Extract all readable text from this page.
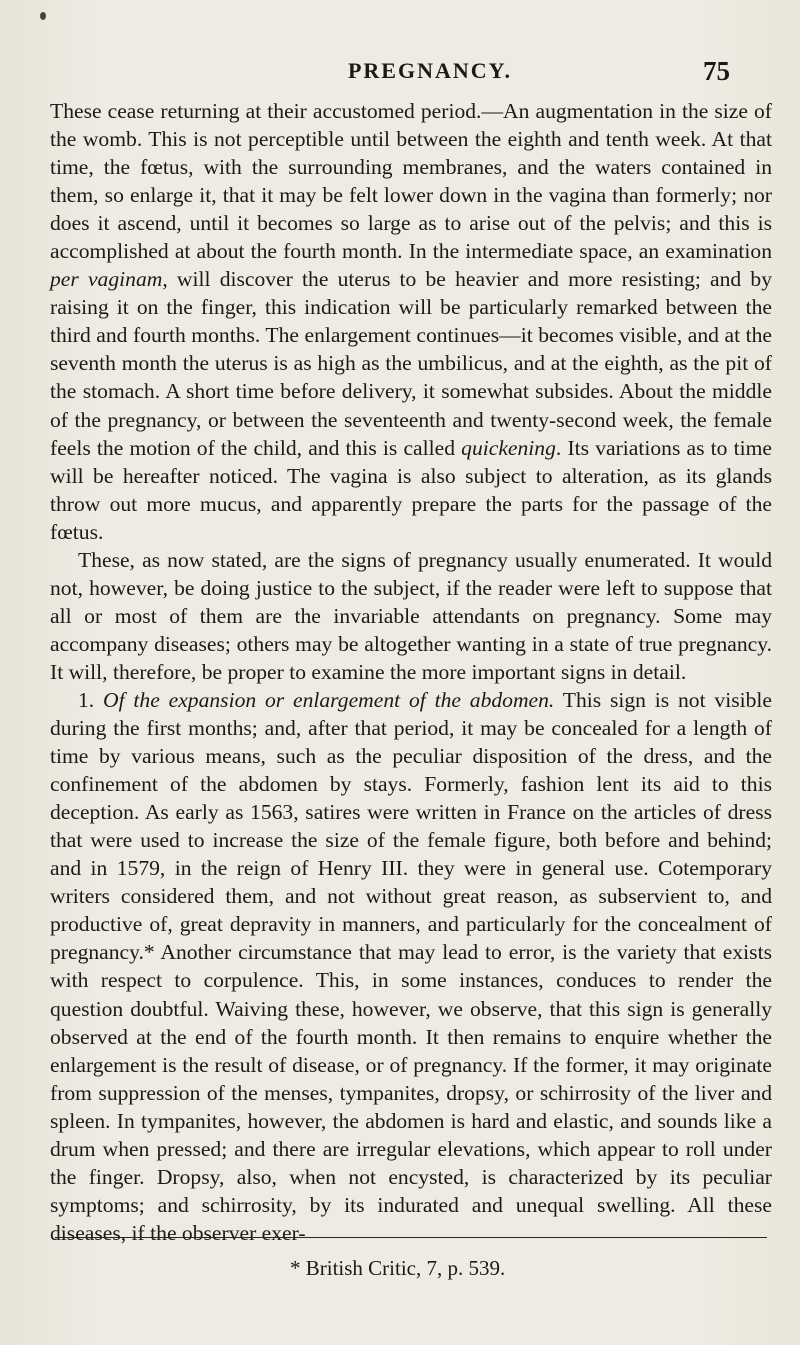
PREGNANCY.	75

These cease returning at their accustomed period.—An augmentation in the size of the womb. This is not perceptible until between the eighth and tenth week. At that time, the fœtus, with the surrounding membranes, and the waters contained in them, so enlarge it, that it may be felt lower down in the vagina than formerly; nor does it ascend, until it becomes so large as to arise out of the pelvis; and this is accomplished at about the fourth month. In the intermediate space, an examination per vaginam, will discover the uterus to be heavier and more resisting; and by raising it on the finger, this indication will be particularly remarked between the third and fourth months. The enlargement continues—it becomes visible, and at the seventh month the uterus is as high as the umbilicus, and at the eighth, as the pit of the stomach. A short time before delivery, it somewhat subsides. About the middle of the pregnancy, or between the seventeenth and twenty-second week, the female feels the motion of the child, and this is called quickening. Its variations as to time will be hereafter noticed. The vagina is also subject to alteration, as its glands throw out more mucus, and apparently prepare the parts for the passage of the fœtus.

These, as now stated, are the signs of pregnancy usually enumerated. It would not, however, be doing justice to the subject, if the reader were left to suppose that all or most of them are the invariable attendants on pregnancy. Some may accompany diseases; others may be altogether wanting in a state of true pregnancy. It will, therefore, be proper to examine the more important signs in detail.

1. Of the expansion or enlargement of the abdomen. This sign is not visible during the first months; and, after that period, it may be concealed for a length of time by various means, such as the peculiar disposition of the dress, and the confinement of the abdomen by stays. Formerly, fashion lent its aid to this deception. As early as 1563, satires were written in France on the articles of dress that were used to increase the size of the female figure, both before and behind; and in 1579, in the reign of Henry III. they were in general use. Cotemporary writers considered them, and not without great reason, as subservient to, and productive of, great depravity in manners, and particularly for the concealment of pregnancy.* Another circumstance that may lead to error, is the variety that exists with respect to corpulence. This, in some instances, conduces to render the question doubtful. Waiving these, however, we observe, that this sign is generally observed at the end of the fourth month. It then remains to enquire whether the enlargement is the result of disease, or of pregnancy. If the former, it may originate from suppression of the menses, tympanites, dropsy, or schirrosity of the liver and spleen. In tympanites, however, the abdomen is hard and elastic, and sounds like a drum when pressed; and there are irregular elevations, which appear to roll under the finger. Dropsy, also, when not encysted, is characterized by its peculiar symptoms; and schirrosity, by its indurated and unequal swelling. All these diseases, if the observer exer-

* British Critic, 7, p. 539.
